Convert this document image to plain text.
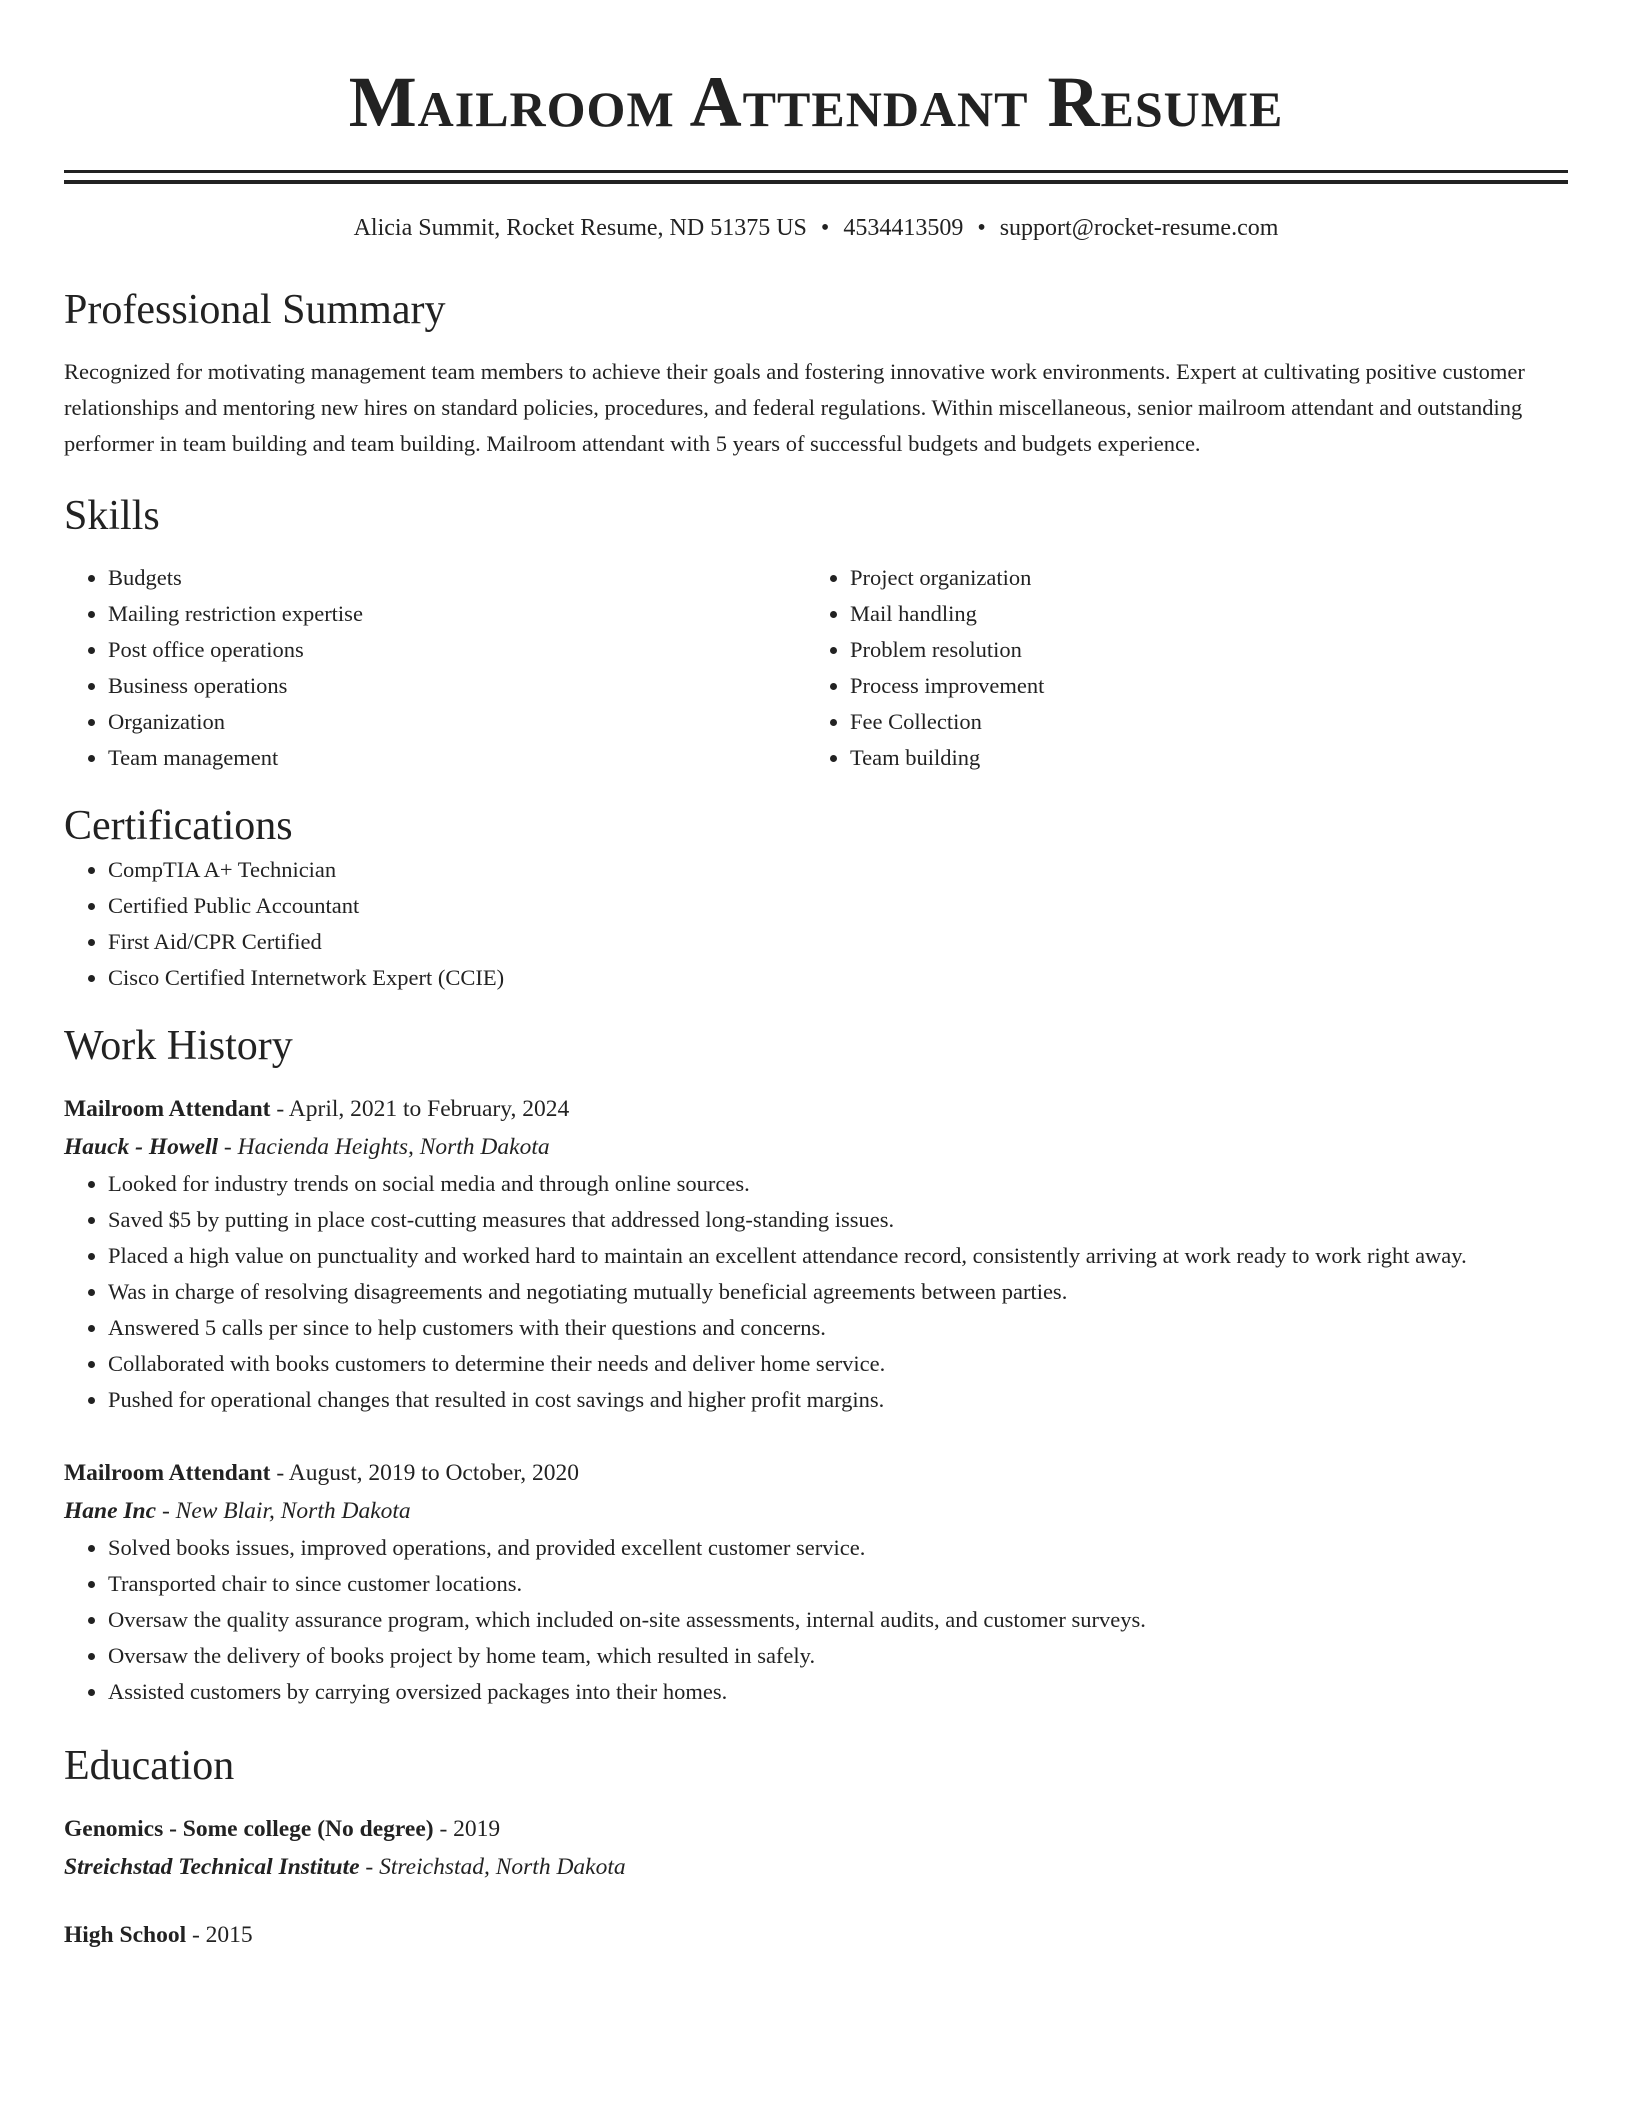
Mailroom Attendant Resume
Alicia Summit, Rocket Resume, ND 51375 US • 4534413509 • support@rocket-resume.com
Professional Summary

Recognized for motivating management team members to achieve their goals and fostering innovative work environments. Expert at cultivating positive customer relationships and mentoring new hires on standard policies, procedures, and federal regulations. Within miscellaneous, senior mailroom attendant and outstanding performer in team building and team building. Mailroom attendant with 5 years of successful budgets and budgets experience.

Skills
• Budgets
• Mailing restriction expertise
• Post office operations
• Business operations
• Organization
• Team management
• Project organization
• Mail handling
• Problem resolution
• Process improvement
• Fee Collection
• Team building
Certifications
• CompTIA A+ Technician
• Certified Public Accountant
• First Aid/CPR Certified
• Cisco Certified Internetwork Expert (CCIE)
Work History
Mailroom Attendant - April, 2021 to February, 2024
Hauck - Howell - Hacienda Heights, North Dakota
• Looked for industry trends on social media and through online sources.
• Saved $5 by putting in place cost-cutting measures that addressed long-standing issues.
• Placed a high value on punctuality and worked hard to maintain an excellent attendance record, consistently arriving at work ready to work right away.
• Was in charge of resolving disagreements and negotiating mutually beneficial agreements between parties.
• Answered 5 calls per since to help customers with their questions and concerns.
• Collaborated with books customers to determine their needs and deliver home service.
• Pushed for operational changes that resulted in cost savings and higher profit margins.
Mailroom Attendant - August, 2019 to October, 2020
Hane Inc - New Blair, North Dakota
• Solved books issues, improved operations, and provided excellent customer service.
• Transported chair to since customer locations.
• Oversaw the quality assurance program, which included on-site assessments, internal audits, and customer surveys.
• Oversaw the delivery of books project by home team, which resulted in safely.
• Assisted customers by carrying oversized packages into their homes.
Education
Genomics - Some college (No degree) - 2019
Streichstad Technical Institute - Streichstad, North Dakota
High School - 2015
